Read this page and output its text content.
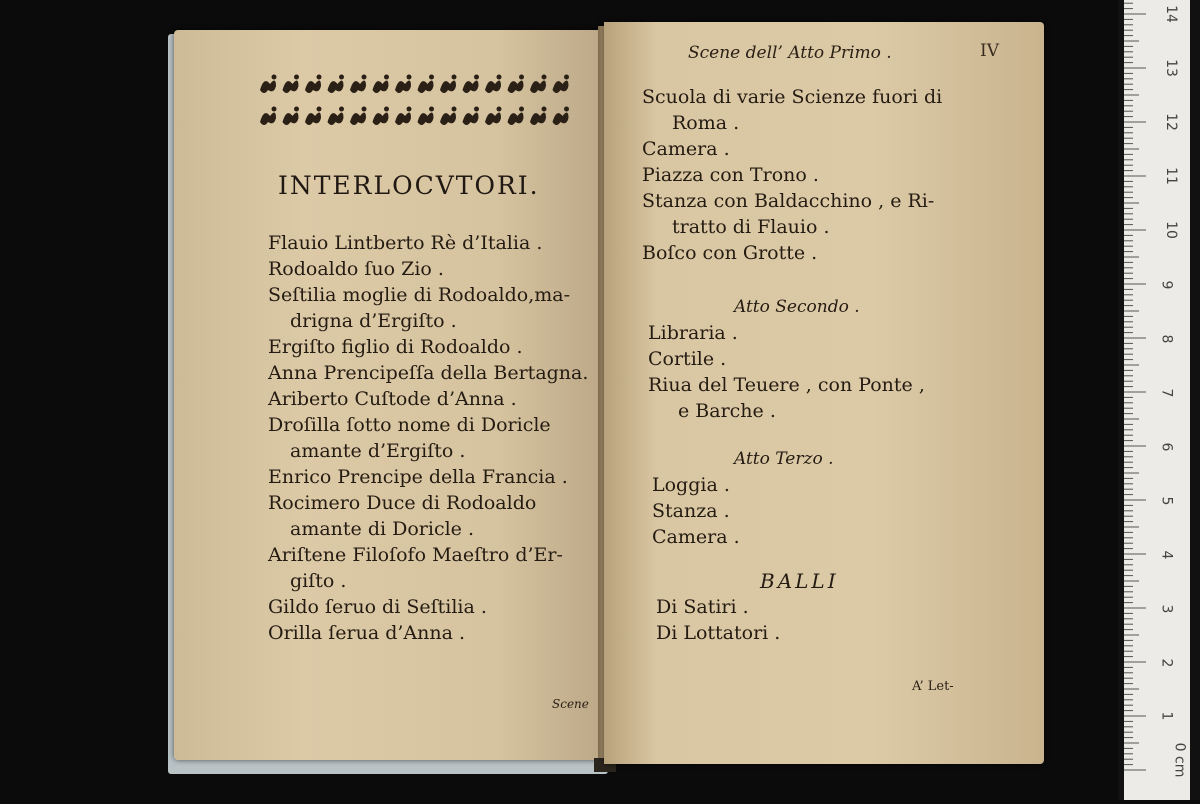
INTERLOCVTORI.
Flauio Lintberto Rè d’Italia .
Rodoaldo ſuo Zio .
Seſtilia moglie di Rodoaldo,ma-
drigna d’Ergiſto .
Ergiſto figlio di Rodoaldo .
Anna Prencipeſſa della Bertagna.
Ariberto Cuſtode d’Anna .
Droſilla ſotto nome di Doricle
amante d’Ergiſto .
Enrico Prencipe della Francia .
Rocimero Duce di Rodoaldo
amante di Doricle .
Ariſtene Filoſofo Maeſtro d’Er-
giſto .
Gildo ſeruo di Seſtilia .
Orilla ſerua d’Anna .
Scene
Scene dell’ Atto Primo .	IV
Scuola di varie Scienze fuori di
Roma .
Camera .
Piazza con Trono .
Stanza con Baldacchino , e Ri-
tratto di Flauio .
Boſco con Grotte .
Atto Secondo .
Libraria .
Cortile .
Riua del Teuere , con Ponte ,
e Barche .
Atto Terzo .
Loggia .
Stanza .
Camera .
BALLI
Di Satiri .
Di Lottatori .
A’ Let-
0 cm
1
2
3
4
5
6
7
8
9
10
11
12
13
14
